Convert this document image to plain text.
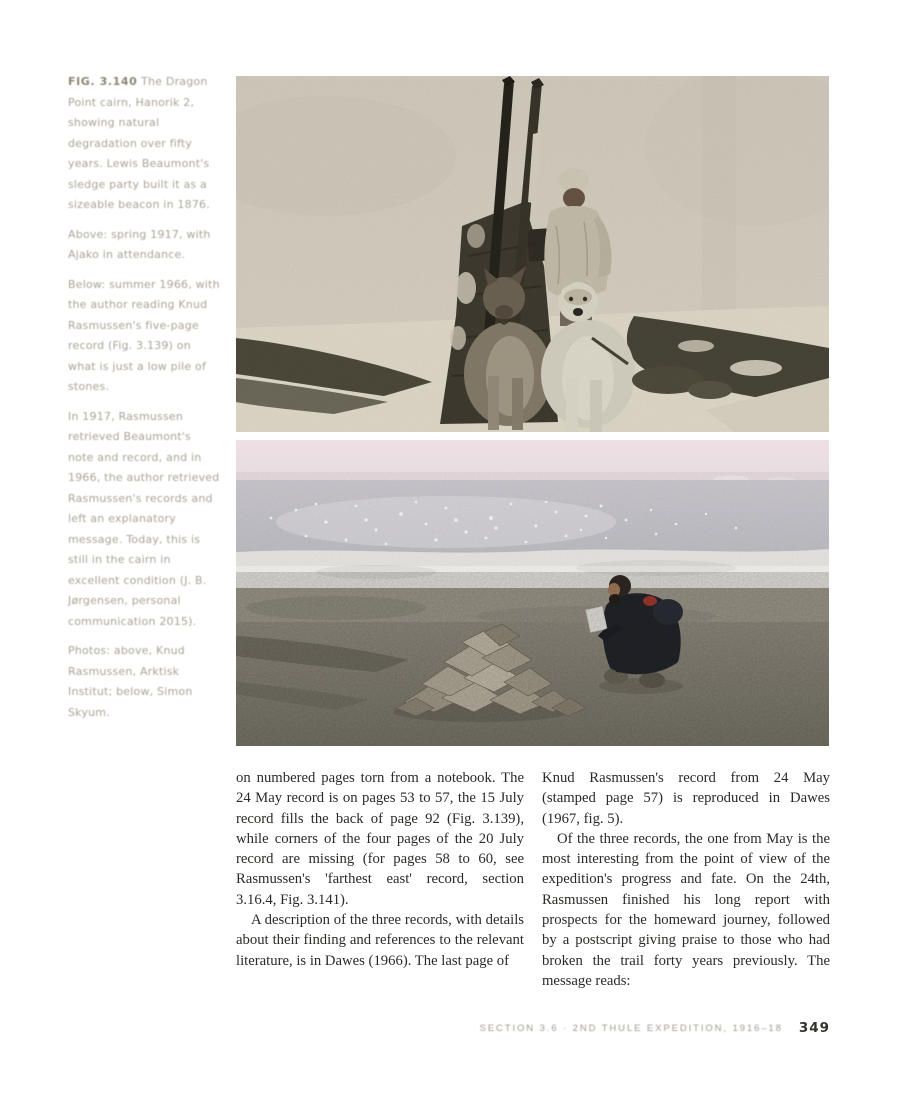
FIG. 3.140 The Dragon Point cairn, Hanorik 2, showing natural degradation over fifty years. Lewis Beaumont's sledge party built it as a sizeable beacon in 1876.

Above: spring 1917, with Ajako in attendance.

Below: summer 1966, with the author reading Knud Rasmussen's five-page record (Fig. 3.139) on what is just a low pile of stones.

In 1917, Rasmussen retrieved Beaumont's note and record, and in 1966, the author retrieved Rasmussen's records and left an explanatory message. Today, this is still in the cairn in excellent condition (J. B. Jørgensen, personal communication 2015).

Photos: above, Knud Rasmussen, Arktisk Institut; below, Simon Skyum.

on numbered pages torn from a notebook. The 24 May record is on pages 53 to 57, the 15 July record fills the back of page 92 (Fig. 3.139), while corners of the four pages of the 20 July record are missing (for pages 58 to 60, see Rasmussen's 'farthest east' record, section 3.16.4, Fig. 3.141).

A description of the three records, with details about their finding and references to the relevant literature, is in Dawes (1966). The last page of

Knud Rasmussen's record from 24 May (stamped page 57) is reproduced in Dawes (1967, fig. 5).

Of the three records, the one from May is the most interesting from the point of view of the expedition's progress and fate. On the 24th, Rasmussen finished his long report with prospects for the homeward journey, followed by a postscript giving praise to those who had broken the trail forty years previously. The message reads:

SECTION 3.6 · 2ND THULE EXPEDITION, 1916–18 349
